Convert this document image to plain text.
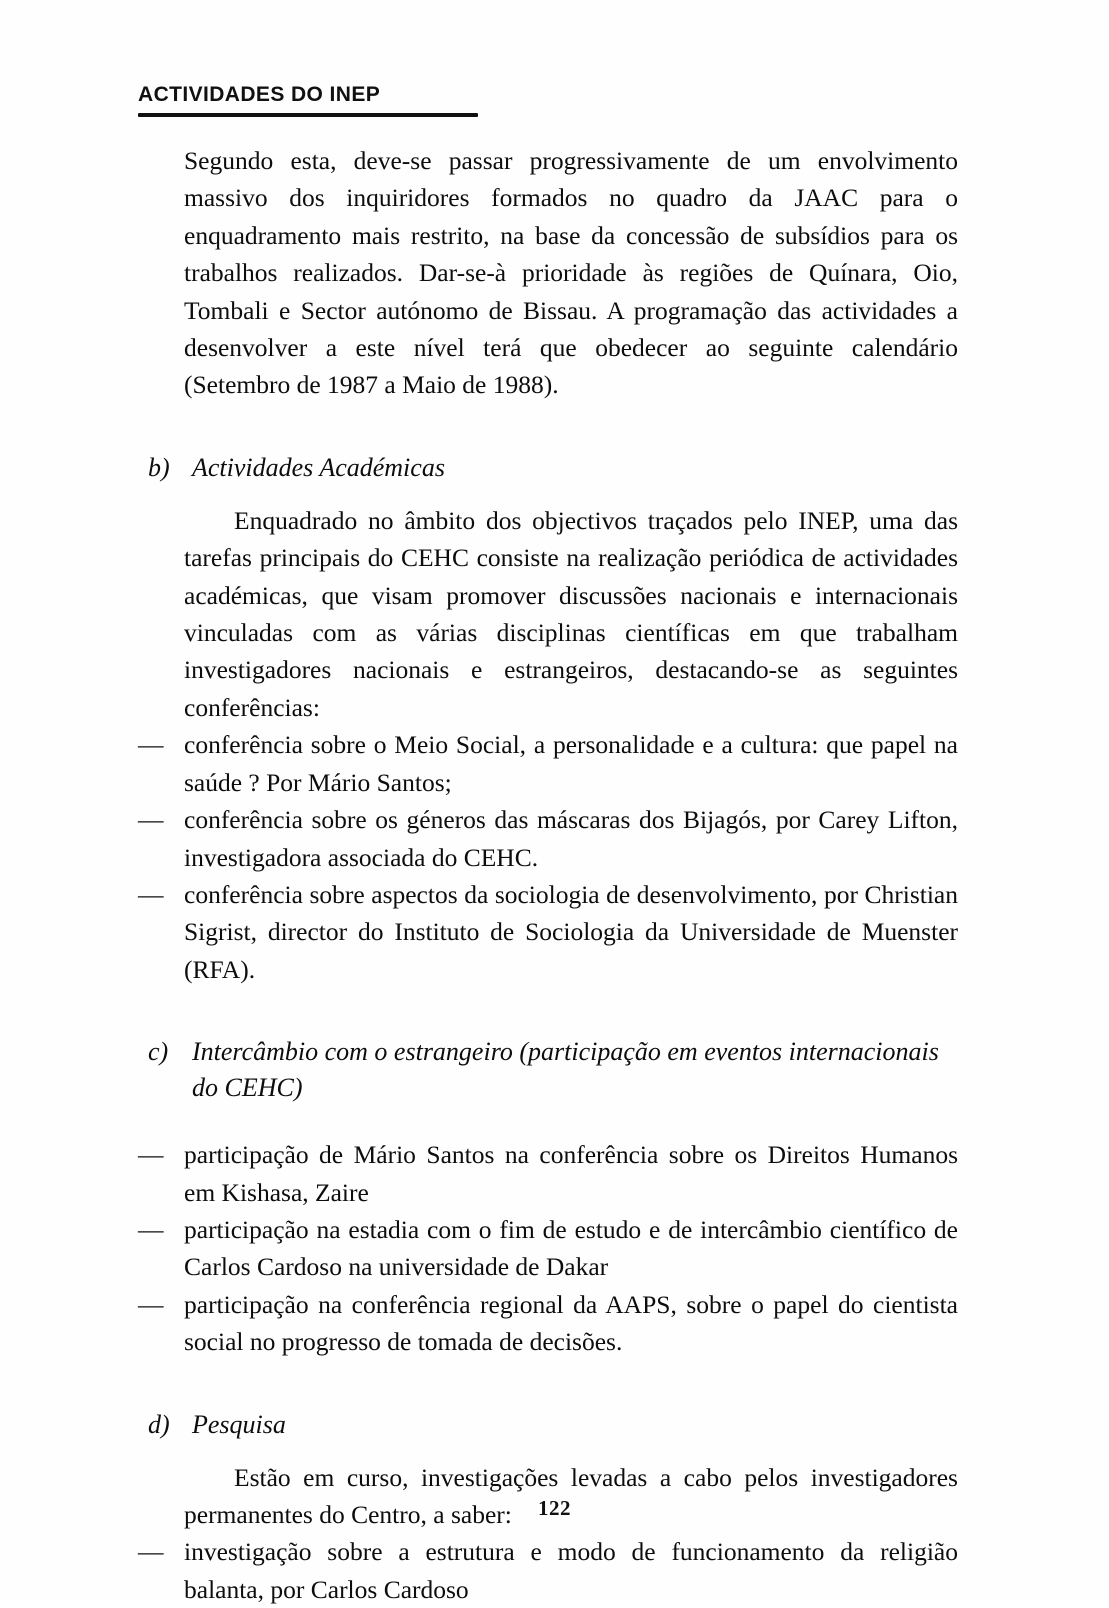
ACTIVIDADES DO INEP

Segundo esta, deve-se passar progressivamente de um envolvimento massivo dos inquiridores formados no quadro da JAAC para o enquadramento mais restrito, na base da concessão de subsídios para os trabalhos realizados. Dar-se-à prioridade às regiões de Quínara, Oio, Tombali e Sector autónomo de Bissau. A programação das actividades a desenvolver a este nível terá que obedecer ao seguinte calendário (Setembro de 1987 a Maio de 1988).

b) Actividades Académicas

Enquadrado no âmbito dos objectivos traçados pelo INEP, uma das tarefas principais do CEHC consiste na realização periódica de actividades académicas, que visam promover discussões nacionais e internacionais vinculadas com as várias disciplinas científicas em que trabalham investigadores nacionais e estrangeiros, destacando-se as seguintes conferências:

— conferência sobre o Meio Social, a personalidade e a cultura: que papel na saúde ? Por Mário Santos;
— conferência sobre os géneros das máscaras dos Bijagós, por Carey Lifton, investigadora associada do CEHC.
— conferência sobre aspectos da sociologia de desenvolvimento, por Christian Sigrist, director do Instituto de Sociologia da Universidade de Muenster (RFA).
c) Intercâmbio com o estrangeiro (participação em eventos internacionais do CEHC)
— participação de Mário Santos na conferência sobre os Direitos Humanos em Kishasa, Zaire
— participação na estadia com o fim de estudo e de intercâmbio científico de Carlos Cardoso na universidade de Dakar
— participação na conferência regional da AAPS, sobre o papel do cientista social no progresso de tomada de decisões.
d) Pesquisa

Estão em curso, investigações levadas a cabo pelos investigadores permanentes do Centro, a saber:

— investigação sobre a estrutura e modo de funcionamento da religião balanta, por Carlos Cardoso
122
